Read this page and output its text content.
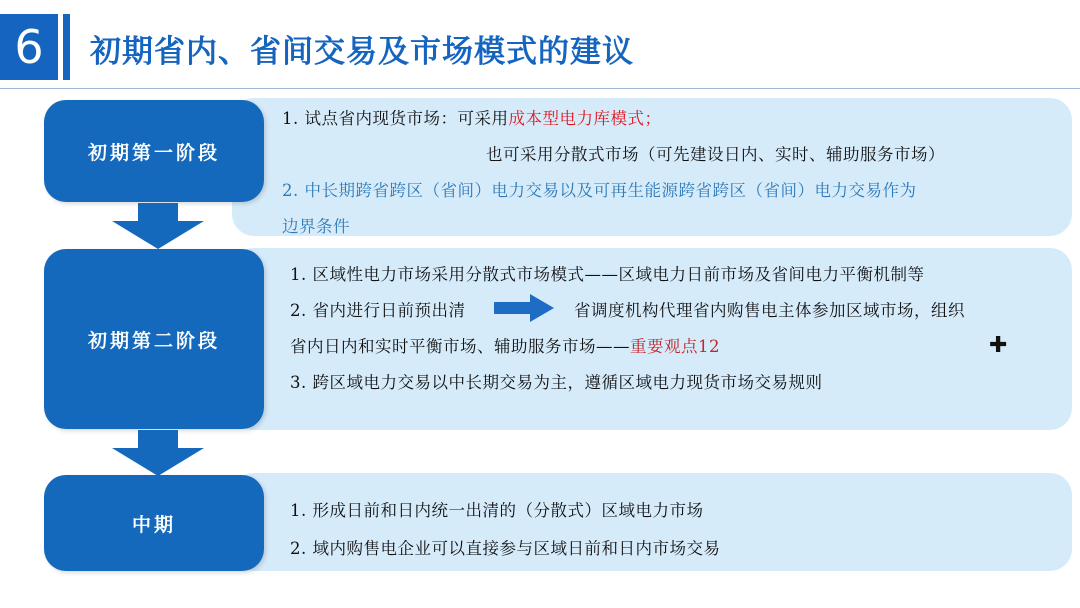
6	初期省内、省间交易及市场模式的建议
初期第一阶段
1. 试点省内现货市场：可采用成本型电力库模式；
也可采用分散式市场（可先建设日内、实时、辅助服务市场）
2. 中长期跨省跨区（省间）电力交易以及可再生能源跨省跨区（省间）电力交易作为
边界条件
初期第二阶段
1. 区域性电力市场采用分散式市场模式——区域电力日前市场及省间电力平衡机制等
2. 省内进行日前预出清	省调度机构代理省内购售电主体参加区域市场，组织
省内日内和实时平衡市场、辅助服务市场——重要观点12	✚
3. 跨区域电力交易以中长期交易为主，遵循区域电力现货市场交易规则
中期
1. 形成日前和日内统一出清的（分散式）区域电力市场
2. 域内购售电企业可以直接参与区域日前和日内市场交易
